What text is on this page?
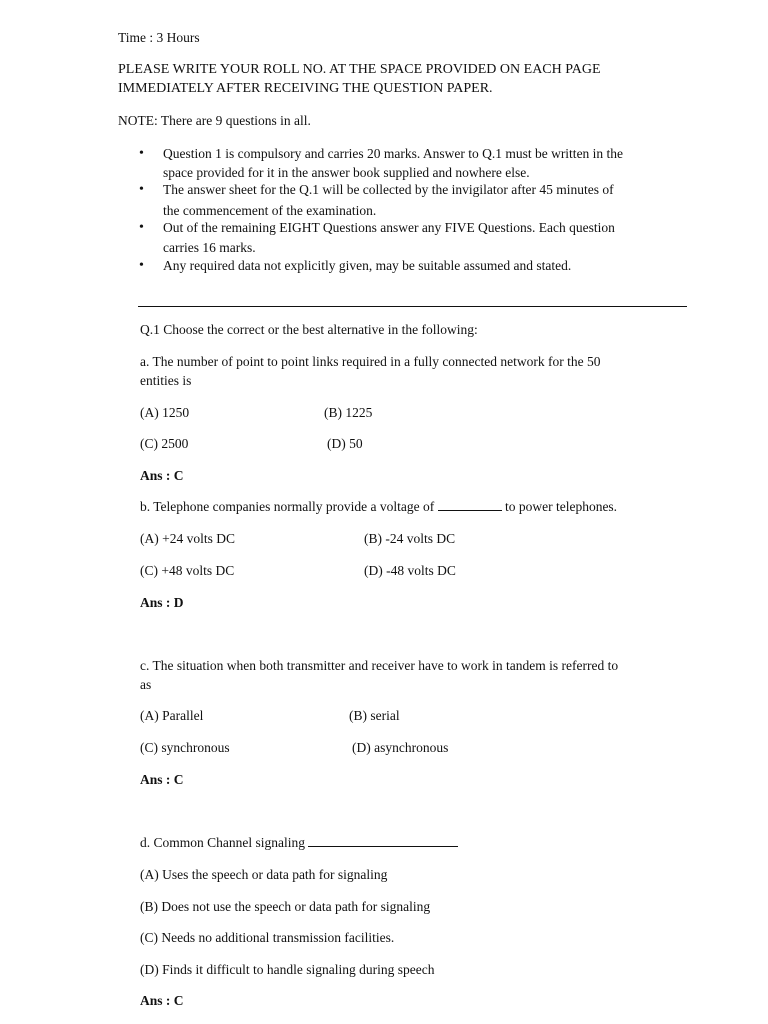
Time : 3 Hours
PLEASE WRITE YOUR ROLL NO. AT THE SPACE PROVIDED ON EACH PAGE
IMMEDIATELY AFTER RECEIVING THE QUESTION PAPER.
NOTE: There are 9 questions in all.
• Question 1 is compulsory and carries 20 marks. Answer to Q.1 must be written in the
space provided for it in the answer book supplied and nowhere else.
• The answer sheet for the Q.1 will be collected by the invigilator after 45 minutes of
the commencement of the examination.
• Out of the remaining EIGHT Questions answer any FIVE Questions. Each question
carries 16 marks.
• Any required data not explicitly given, may be suitable assumed and stated.
Q.1 Choose the correct or the best alternative in the following:
a. The number of point to point links required in a fully connected network for the 50
entities is
(A) 1250	(B) 1225
(C) 2500	(D) 50
Ans : C
b. Telephone companies normally provide a voltage of	to power telephones.
(A) +24 volts DC	(B) -24 volts DC
(C) +48 volts DC	(D) -48 volts DC
Ans : D
c. The situation when both transmitter and receiver have to work in tandem is referred to
as
(A) Parallel	(B) serial
(C) synchronous	(D) asynchronous
Ans : C
d. Common Channel signaling
(A) Uses the speech or data path for signaling
(B) Does not use the speech or data path for signaling
(C) Needs no additional transmission facilities.
(D) Finds it difficult to handle signaling during speech
Ans : C
